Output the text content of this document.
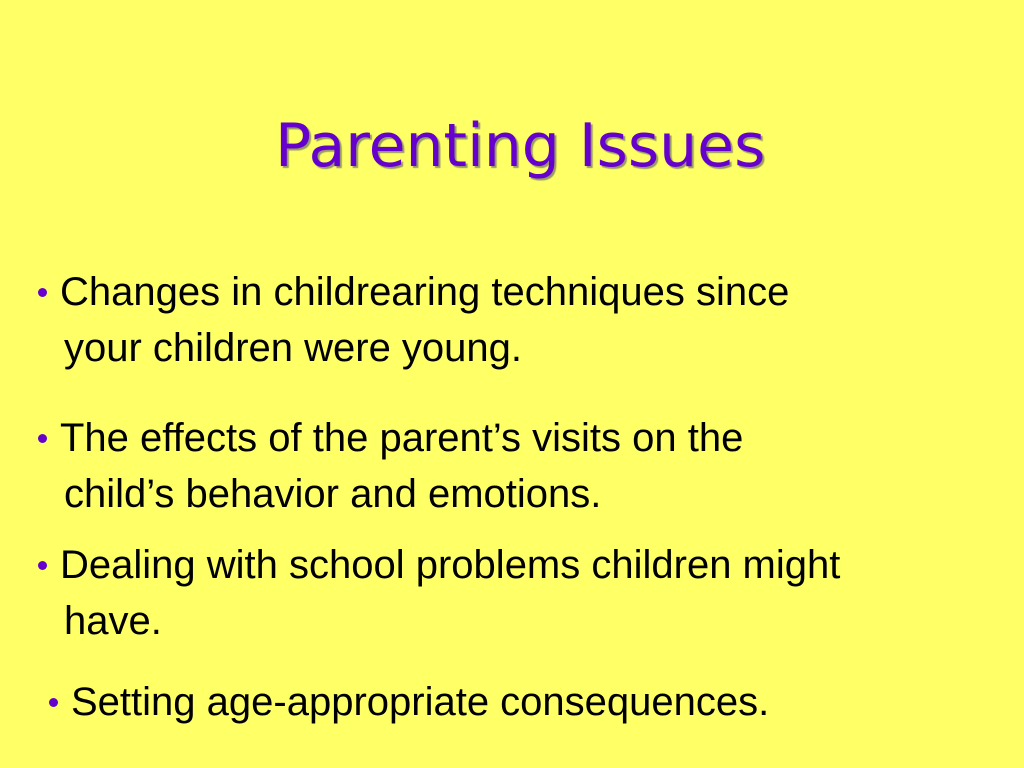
Parenting Issues
Changes in childrearing techniques since
your children were young.
The effects of the parent’s visits on the
child’s behavior and emotions.
Dealing with school problems children might
have.
Setting age-appropriate consequences.
